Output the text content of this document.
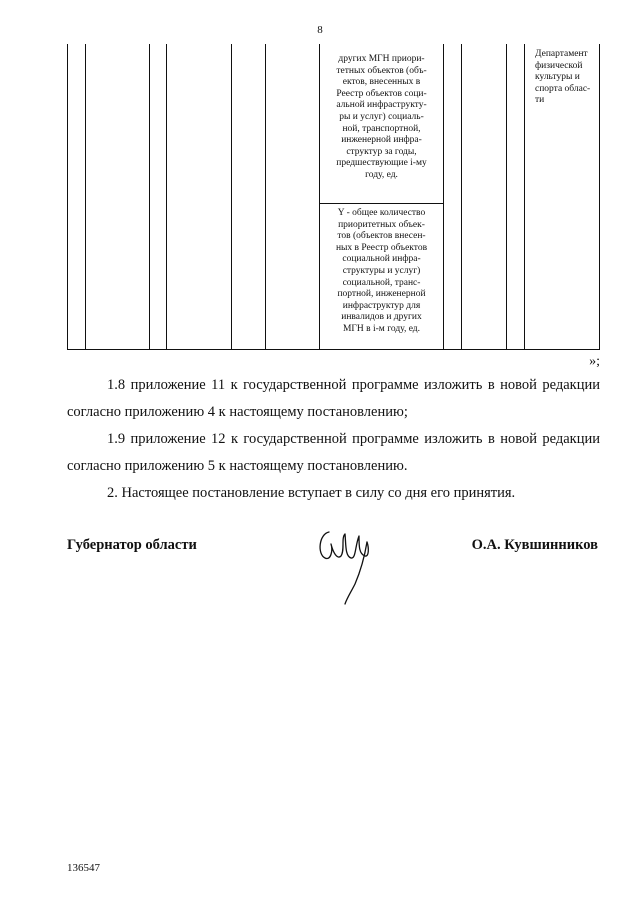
8
других МГН приори-
тетных объектов (объ-
ектов, внесенных в
Реестр объектов соци-
альной инфраструкту-
ры и услуг) социаль-
ной, транспортной,
инженерной инфра-
структур за годы,
предшествующие i-му
году, ед.
Y - общее количество
приоритетных объек-
тов (объектов внесен-
ных в Реестр объектов
социальной инфра-
структуры и услуг)
социальной, транс-
портной, инженерной
инфраструктур для
инвалидов и других
МГН в i-м году, ед.
Департамент
физической
культуры и
спорта облас-
ти
»;
1.8 приложение 11 к государственной программе изложить в новой редакции согласно приложению 4 к настоящему постановлению;
1.9 приложение 12 к государственной программе изложить в новой редакции согласно приложению 5 к настоящему постановлению.
2. Настоящее постановление вступает в силу со дня его принятия.
Губернатор области	О.А. Кувшинников
136547
